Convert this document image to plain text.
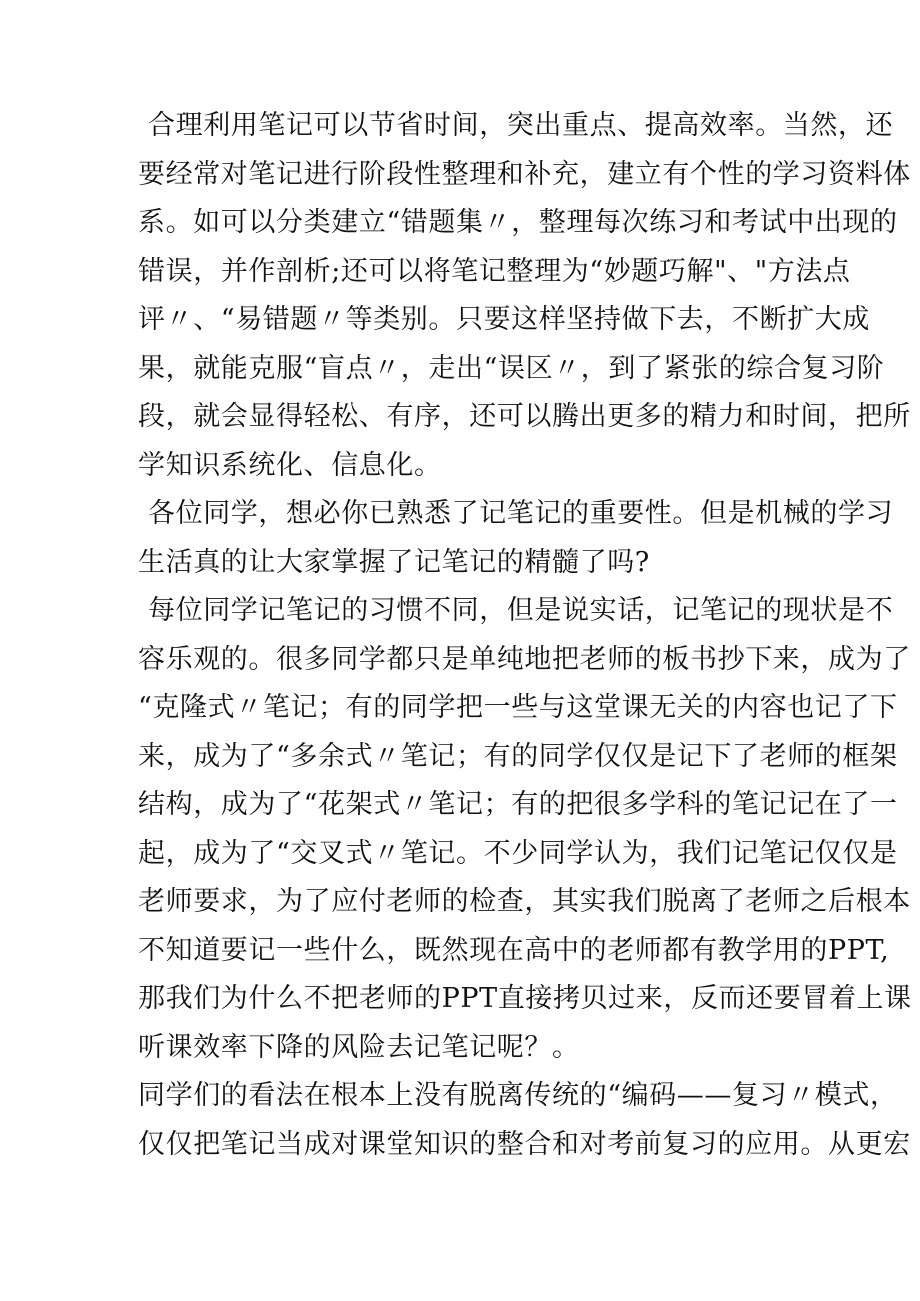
合理利用笔记可以节省时间，突出重点、提高效率。当然，还
要经常对笔记进行阶段性整理和补充，建立有个性的学习资料体
系。如可以分类建立“错题集〃，整理每次练习和考试中出现的
错误，并作剖析;还可以将笔记整理为“妙题巧解"、"方法点
评〃、“易错题〃等类别。只要这样坚持做下去，不断扩大成
果，就能克服“盲点〃，走出“误区〃，到了紧张的综合复习阶
段，就会显得轻松、有序，还可以腾出更多的精力和时间，把所
学知识系统化、信息化。
各位同学，想必你已熟悉了记笔记的重要性。但是机械的学习
生活真的让大家掌握了记笔记的精髓了吗?
每位同学记笔记的习惯不同，但是说实话，记笔记的现状是不
容乐观的。很多同学都只是单纯地把老师的板书抄下来，成为了
“克隆式〃笔记；有的同学把一些与这堂课无关的内容也记了下
来，成为了“多余式〃笔记；有的同学仅仅是记下了老师的框架
结构，成为了“花架式〃笔记；有的把很多学科的笔记记在了一
起，成为了“交叉式〃笔记。不少同学认为，我们记笔记仅仅是
老师要求，为了应付老师的检查，其实我们脱离了老师之后根本
不知道要记一些什么，既然现在高中的老师都有教学用的PPT,
那我们为什么不把老师的PPT直接拷贝过来，反而还要冒着上课
听课效率下降的风险去记笔记呢？。
同学们的看法在根本上没有脱离传统的“编码——复习〃模式，
仅仅把笔记当成对课堂知识的整合和对考前复习的应用。从更宏
